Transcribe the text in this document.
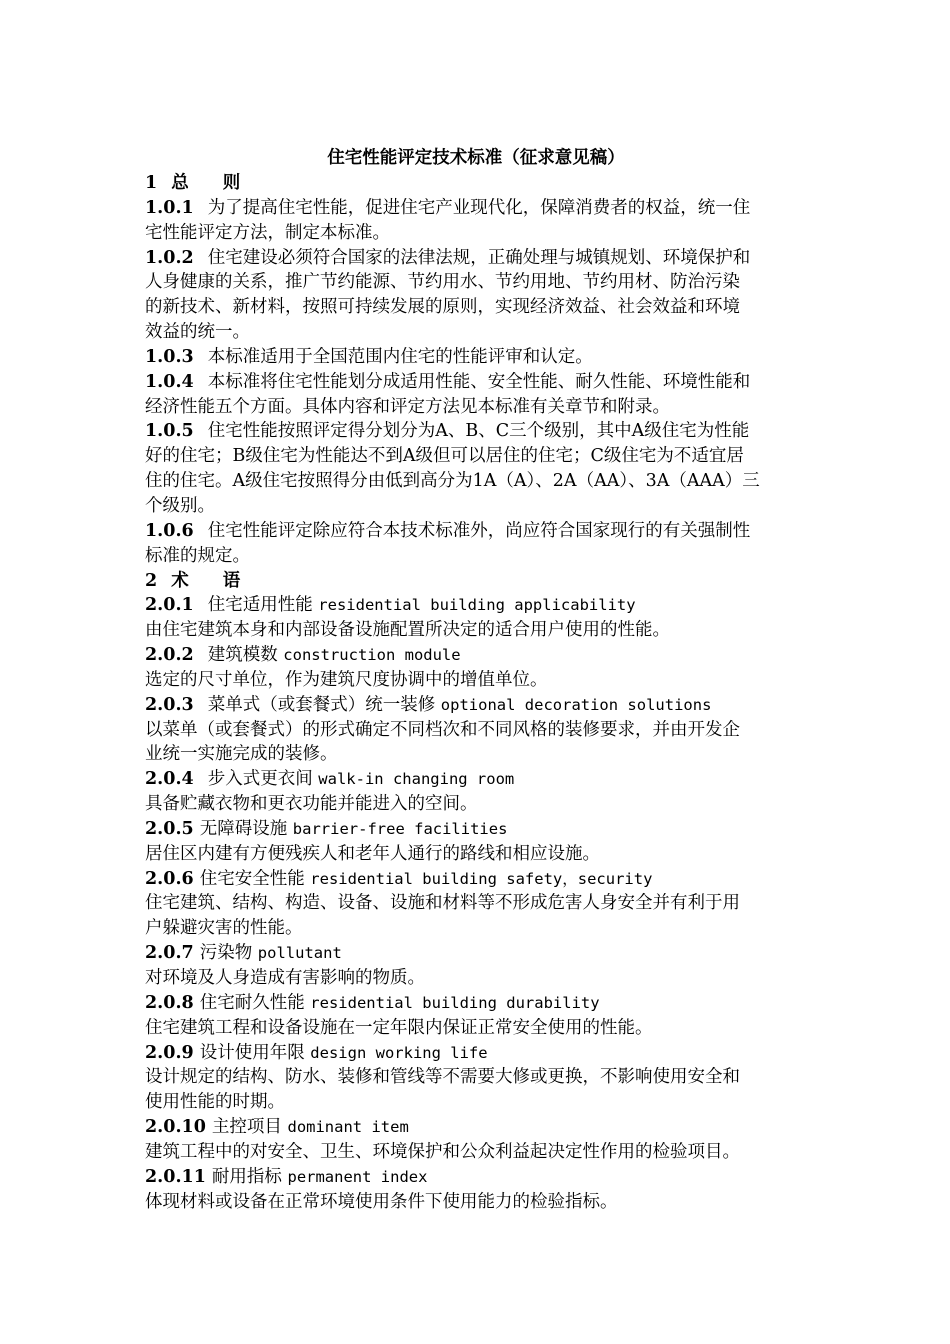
住宅性能评定技术标准（征求意见稿）
1 总 则
1.0.1 为了提高住宅性能，促进住宅产业现代化，保障消费者的权益，统一住
宅性能评定方法，制定本标准。
1.0.2 住宅建设必须符合国家的法律法规，正确处理与城镇规划、环境保护和
人身健康的关系，推广节约能源、节约用水、节约用地、节约用材、防治污染
的新技术、新材料，按照可持续发展的原则，实现经济效益、社会效益和环境
效益的统一。
1.0.3 本标准适用于全国范围内住宅的性能评审和认定。
1.0.4 本标准将住宅性能划分成适用性能、安全性能、耐久性能、环境性能和
经济性能五个方面。具体内容和评定方法见本标准有关章节和附录。
1.0.5 住宅性能按照评定得分划分为A、B、C三个级别，其中A级住宅为性能
好的住宅；B级住宅为性能达不到A级但可以居住的住宅；C级住宅为不适宜居
住的住宅。A级住宅按照得分由低到高分为1A（A）、2A（AA）、3A（AAA）三
个级别。
1.0.6 住宅性能评定除应符合本技术标准外，尚应符合国家现行的有关强制性
标准的规定。
2 术 语
2.0.1 住宅适用性能 residential building applicability
由住宅建筑本身和内部设备设施配置所决定的适合用户使用的性能。
2.0.2 建筑模数 construction module
选定的尺寸单位，作为建筑尺度协调中的增值单位。
2.0.3 菜单式（或套餐式）统一装修 optional decoration solutions
以菜单（或套餐式）的形式确定不同档次和不同风格的装修要求，并由开发企
业统一实施完成的装修。
2.0.4 步入式更衣间 walk-in changing room
具备贮藏衣物和更衣功能并能进入的空间。
2.0.5 无障碍设施 barrier-free facilities
居住区内建有方便残疾人和老年人通行的路线和相应设施。
2.0.6 住宅安全性能 residential building safety，security
住宅建筑、结构、构造、设备、设施和材料等不形成危害人身安全并有利于用
户躲避灾害的性能。
2.0.7 污染物 pollutant
对环境及人身造成有害影响的物质。
2.0.8 住宅耐久性能 residential building durability
住宅建筑工程和设备设施在一定年限内保证正常安全使用的性能。
2.0.9 设计使用年限 design working life
设计规定的结构、防水、装修和管线等不需要大修或更换，不影响使用安全和
使用性能的时期。
2.0.10 主控项目 dominant item
建筑工程中的对安全、卫生、环境保护和公众利益起决定性作用的检验项目。
2.0.11 耐用指标 permanent index
体现材料或设备在正常环境使用条件下使用能力的检验指标。
